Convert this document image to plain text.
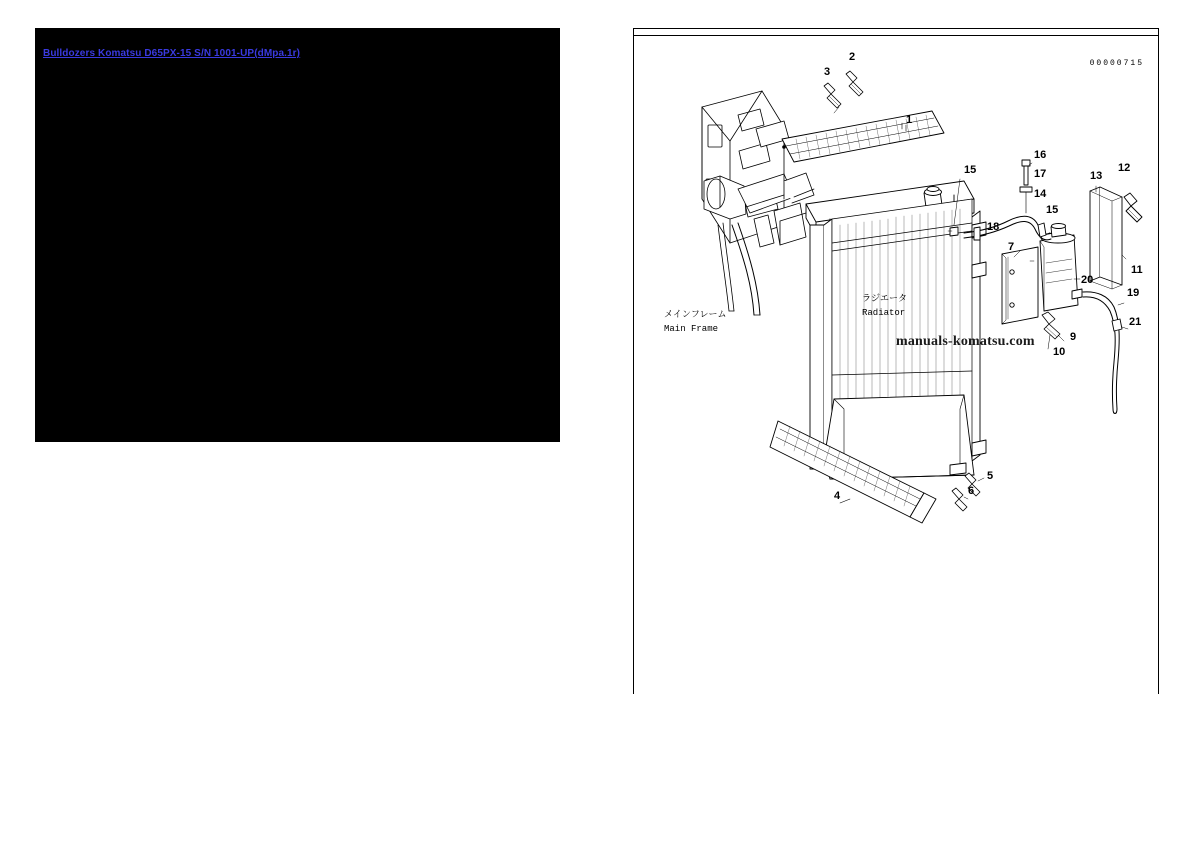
Bulldozers Komatsu D65PX-15 S/N 1001-UP(dMpa.1r)
00000715
メインフレーム
Main Frame
ラジエータ
Radiator
1
2
3
4
5
6
7
9
10
11
12
13
14
15
15
16
17
18
19
20
21
manuals-komatsu.com
